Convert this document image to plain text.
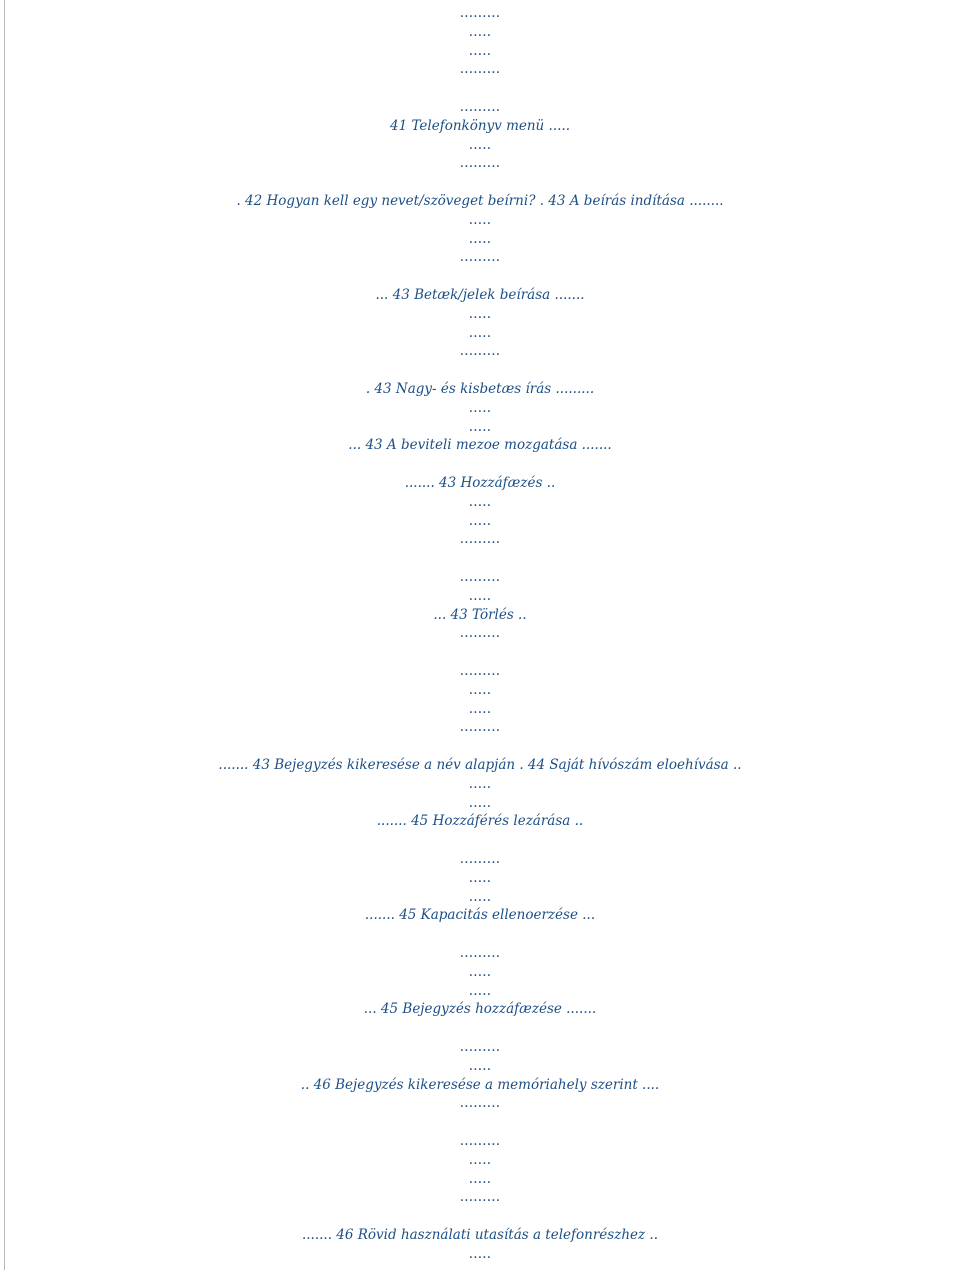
.........
.....
.....
.........
.........
41 Telefonkönyv menü .....
.....
.........
. 42 Hogyan kell egy nevet/szöveget beírni? . 43 A beírás indítása ........
.....
.....
.........
... 43 Betæk/jelek beírása .......
.....
.....
.........
. 43 Nagy- és kisbetæs írás .........
.....
.....
... 43 A beviteli mezoe mozgatása .......
....... 43 Hozzáfæzés ..
.....
.....
.........
.........
.....
... 43 Törlés ..
.........
.........
.....
.....
.........
....... 43 Bejegyzés kikeresése a név alapján . 44 Saját hívószám eloehívása ..
.....
.....
....... 45 Hozzáférés lezárása ..
.........
.....
.....
....... 45 Kapacitás ellenoerzése ...
.........
.....
.....
... 45 Bejegyzés hozzáfæzése .......
.........
.....
.. 46 Bejegyzés kikeresése a memóriahely szerint ....
.........
.........
.....
.....
.........
....... 46 Rövid használati utasítás a telefonrészhez ..
.....
